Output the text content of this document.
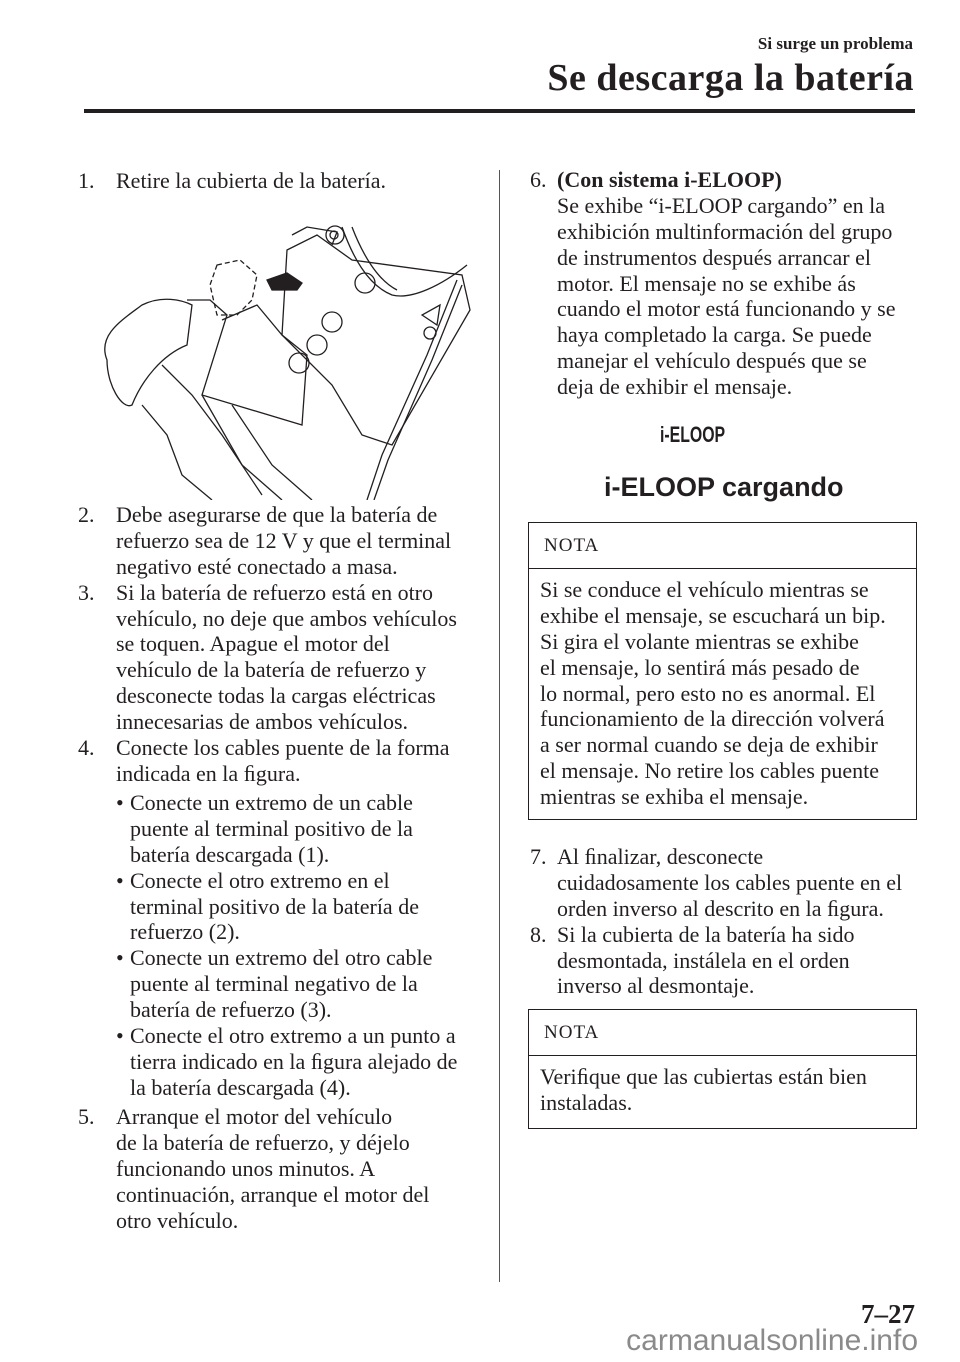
Si surge un problema
Se descarga la batería
1. Retire la cubierta de la batería.
2. Debe asegurarse de que la batería de
refuerzo sea de 12 V y que el terminal
negativo esté conectado a masa.
3. Si la batería de refuerzo está en otro
vehículo, no deje que ambos vehículos
se toquen. Apague el motor del
vehículo de la batería de refuerzo y
desconecte todas la cargas eléctricas
innecesarias de ambos vehículos.
4. Conecte los cables puente de la forma
indicada en la ﬁgura.
• Conecte un extremo de un cable
puente al terminal positivo de la
batería descargada (1).
• Conecte el otro extremo en el
terminal positivo de la batería de
refuerzo (2).
• Conecte un extremo del otro cable
puente al terminal negativo de la
batería de refuerzo (3).
• Conecte el otro extremo a un punto a
tierra indicado en la ﬁgura alejado de
la batería descargada (4).
5. Arranque el motor del vehículo
de la batería de refuerzo, y déjelo
funcionando unos minutos. A
continuación, arranque el motor del
otro vehículo.
6. (Con sistema i-ELOOP)
Se exhibe “i-ELOOP cargando” en la
exhibición multinformación del grupo
de instrumentos después arrancar el
motor. El mensaje no se exhibe ás
cuando el motor está funcionando y se
haya completado la carga. Se puede
manejar el vehículo después que se
deja de exhibir el mensaje.
i-ELOOP
i-ELOOP cargando
NOTA
Si se conduce el vehículo mientras se
exhibe el mensaje, se escuchará un bip.
Si gira el volante mientras se exhibe
el mensaje, lo sentirá más pesado de
lo normal, pero esto no es anormal. El
funcionamiento de la dirección volverá
a ser normal cuando se deja de exhibir
el mensaje. No retire los cables puente
mientras se exhiba el mensaje.
7. Al ﬁnalizar, desconecte
cuidadosamente los cables puente en el
orden inverso al descrito en la ﬁgura.
8. Si la cubierta de la batería ha sido
desmontada, instálela en el orden
inverso al desmontaje.
NOTA
Veriﬁque que las cubiertas están bien
instaladas.
7–27
carmanualsonline.info
